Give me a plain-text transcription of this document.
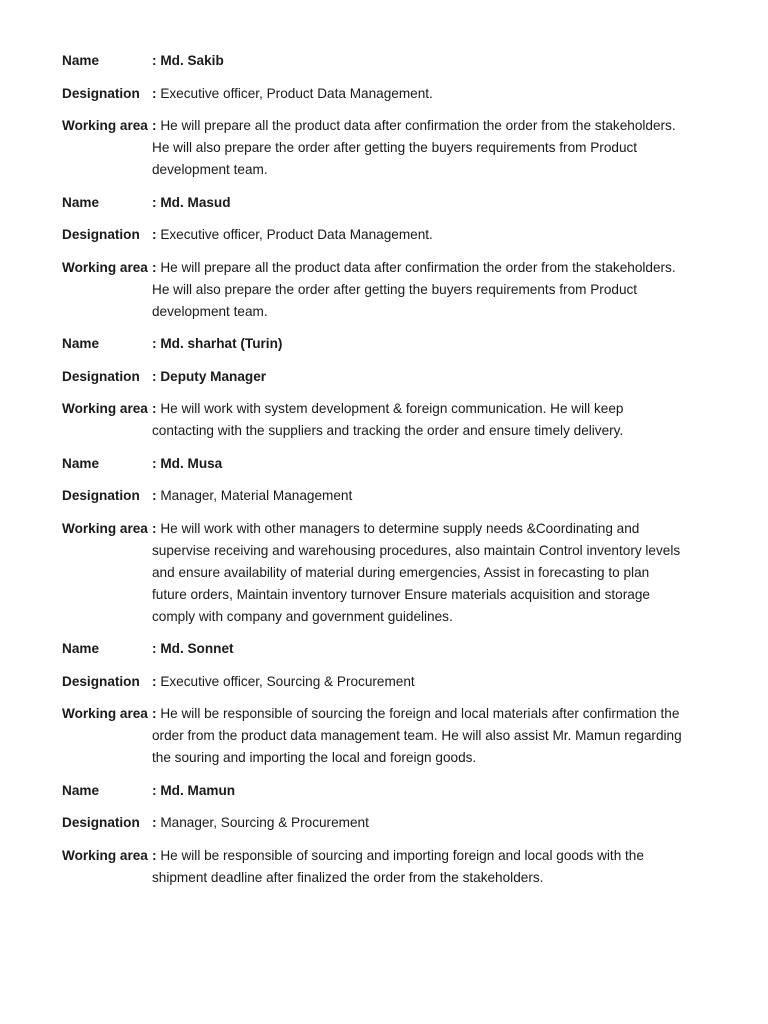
Name	: Md. Sakib
Designation : Executive officer, Product Data Management.
Working area : He will prepare all the product data after confirmation the order from the stakeholders. He will also prepare the order after getting the buyers requirements from Product development team.
Name	: Md. Masud
Designation : Executive officer, Product Data Management.
Working area : He will prepare all the product data after confirmation the order from the stakeholders. He will also prepare the order after getting the buyers requirements from Product development team.
Name	: Md. sharhat (Turin)
Designation : Deputy Manager
Working area : He will work with system development & foreign communication. He will keep contacting with the suppliers and tracking the order and ensure timely delivery.
Name	: Md. Musa
Designation : Manager, Material Management
Working area : He will work with other managers to determine supply needs &Coordinating and supervise receiving and warehousing procedures, also maintain Control inventory levels and ensure availability of material during emergencies, Assist in forecasting to plan future orders, Maintain inventory turnover Ensure materials acquisition and storage comply with company and government guidelines.
Name	: Md. Sonnet
Designation : Executive officer, Sourcing & Procurement
Working area : He will be responsible of sourcing the foreign and local materials after confirmation the order from the product data management team. He will also assist Mr. Mamun regarding the souring and importing the local and foreign goods.
Name	: Md. Mamun
Designation : Manager, Sourcing & Procurement
Working area : He will be responsible of sourcing and importing foreign and local goods with the shipment deadline after finalized the order from the stakeholders.
